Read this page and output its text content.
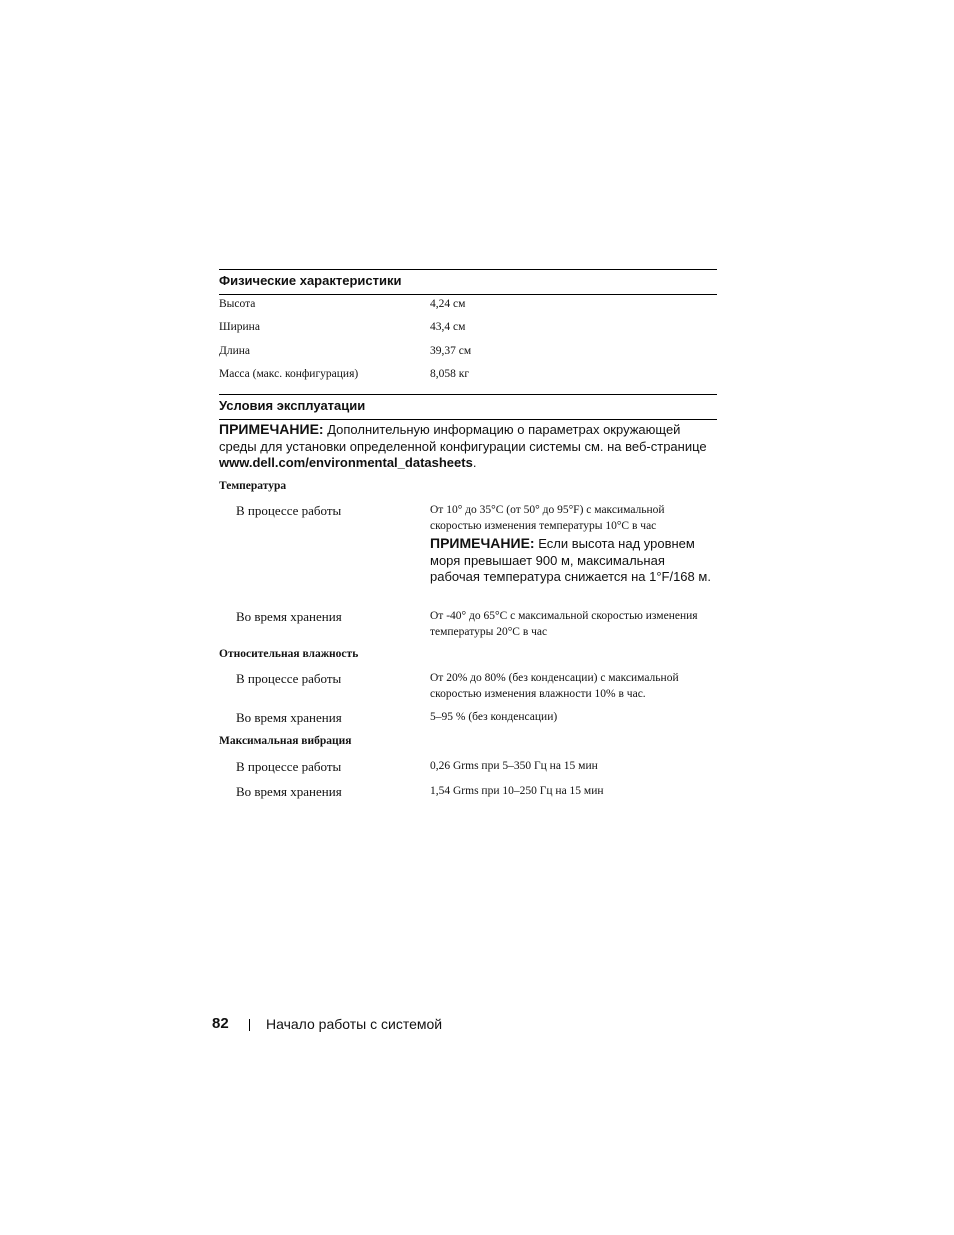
Физические характеристики
Высота	4,24 см
Ширина	43,4 см
Длина	39,37 см
Масса (макс. конфигурация)	8,058 кг
Условия эксплуатации
ПРИМЕЧАНИЕ: Дополнительную информацию о параметрах окружающей среды для установки определенной конфигурации системы см. на веб-странице www.dell.com/environmental_datasheets.
Температура
В процессе работы	От 10° до 35°C (от 50° до 95°F) с максимальной скоростью изменения температуры 10°C в час
ПРИМЕЧАНИЕ: Если высота над уровнем моря превышает 900 м, максимальная рабочая температура снижается на 1°F/168 м.
Во время хранения	От -40° до 65°C с максимальной скоростью изменения температуры 20°C в час
Относительная влажность
В процессе работы	От 20% до 80% (без конденсации) с максимальной скоростью изменения влажности 10% в час.
Во время хранения	5–95 % (без конденсации)
Максимальная вибрация
В процессе работы	0,26 Grms при 5–350 Гц на 15 мин
Во время хранения	1,54 Grms при 10–250 Гц на 15 мин
82	Начало работы с системой
